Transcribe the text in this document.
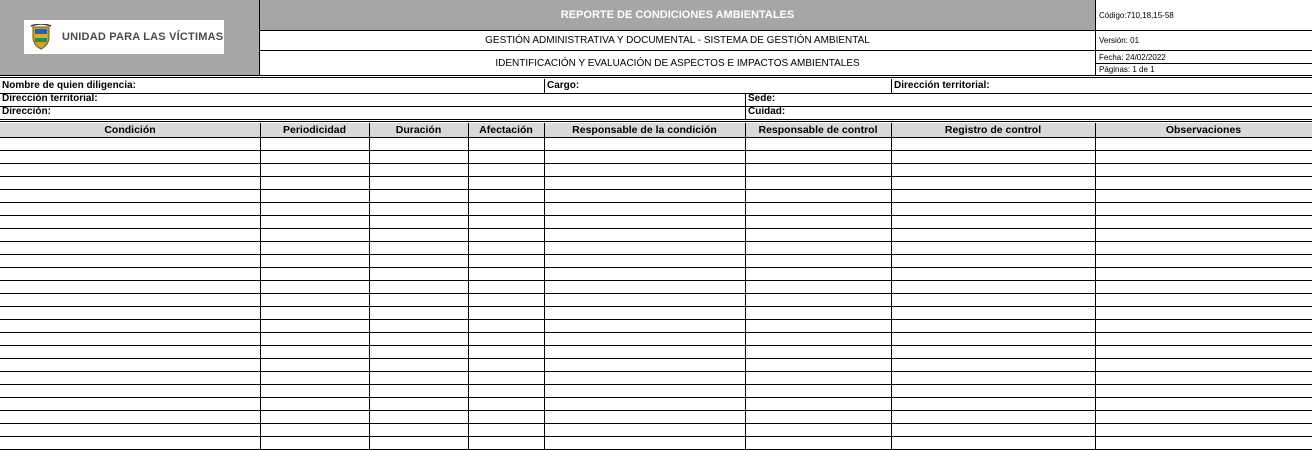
UNIDAD PARA LAS VÍCTIMAS
REPORTE DE CONDICIONES AMBIENTALES
GESTIÓN ADMINISTRATIVA Y DOCUMENTAL - SISTEMA DE GESTIÓN AMBIENTAL
IDENTIFICACIÓN Y EVALUACIÓN DE ASPECTOS E IMPACTOS AMBIENTALES
Código:710,18,15-58
Versión: 01
Fecha: 24/02/2022
Páginas: 1 de 1
Nombre de quien diligencia:	Cargo:	Dirección territorial:
Dirección territorial:	Sede:
Dirección:	Cuidad:
Condición	Periodicidad	Duración	Afectación	Responsable de la condición	Responsable de control	Registro de control	Observaciones
